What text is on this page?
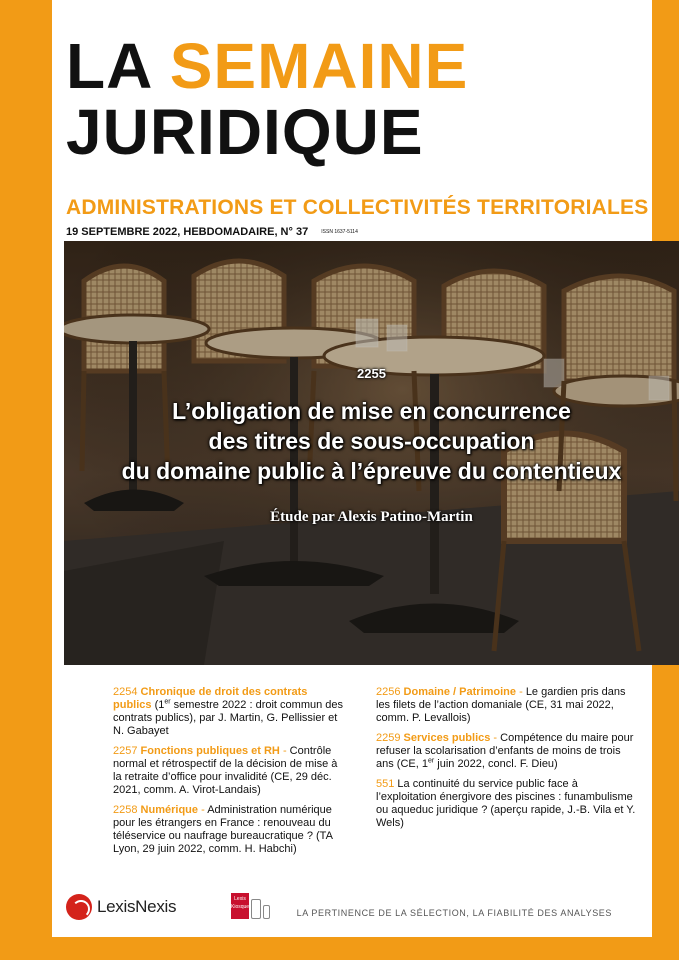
LA SEMAINE
JURIDIQUE
ADMINISTRATIONS ET COLLECTIVITÉS TERRITORIALES
19 SEPTEMBRE 2022, HEBDOMADAIRE, N° 37	ISSN 1637-5114
2255
L’obligation de mise en concurrence
des titres de sous-occupation
du domaine public à l’épreuve du contentieux
Étude par Alexis Patino-Martin
2254 Chronique de droit des contrats publics (1er semestre 2022 : droit commun des contrats publics), par J. Martin, G. Pellissier et N. Gabayet
2257 Fonctions publiques et RH - Contrôle normal et rétrospectif de la décision de mise à la retraite d’office pour invalidité (CE, 29 déc. 2021, comm. A. Virot-Landais)
2258 Numérique - Administration numérique pour les étrangers en France : renouveau du téléservice ou naufrage bureaucratique ? (TA Lyon, 29 juin 2022, comm. H. Habchi)
2256 Domaine / Patrimoine - Le gardien pris dans les filets de l’action domaniale (CE, 31 mai 2022, comm. P. Levallois)
2259 Services publics - Compétence du maire pour refuser la scolarisation d’enfants de moins de trois ans (CE, 1er juin 2022, concl. F. Dieu)
551 La continuité du service public face à l’exploitation énergivore des piscines : funambulisme ou aqueduc juridique ? (aperçu rapide, J.-B. Vila et Y. Wels)
LexisNexis	Lexis Kiosque
LA PERTINENCE DE LA SÉLECTION, LA FIABILITÉ DES ANALYSES
